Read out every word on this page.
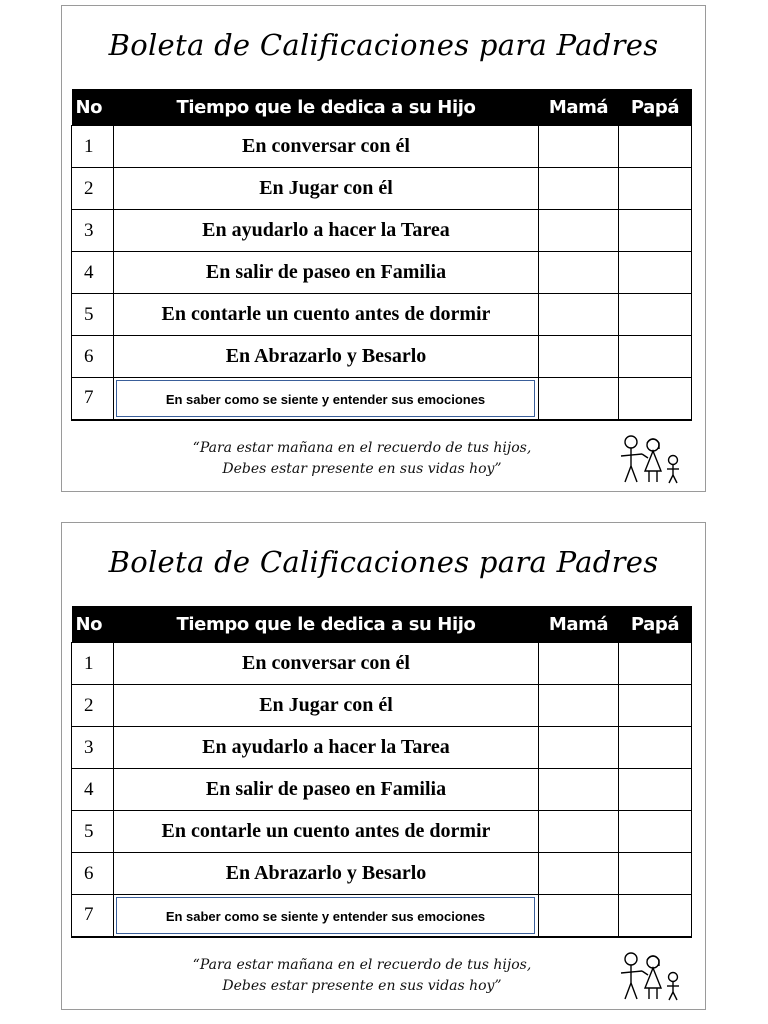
Boleta de Calificaciones para Padres
No	Tiempo que le dedica a su Hijo	Mamá	Papá
1	En conversar con él		
2	En Jugar con él		
3	En ayudarlo a hacer la Tarea		
4	En salir de paseo en Familia		
5	En contarle un cuento antes de dormir		
6	En Abrazarlo y Besarlo		
7	En saber como se siente y entender sus emociones		

“Para estar mañana en el recuerdo de tus hijos,
Debes estar presente en sus vidas hoy”
Boleta de Calificaciones para Padres
No	Tiempo que le dedica a su Hijo	Mamá	Papá
1	En conversar con él		
2	En Jugar con él		
3	En ayudarlo a hacer la Tarea		
4	En salir de paseo en Familia		
5	En contarle un cuento antes de dormir		
6	En Abrazarlo y Besarlo		
7	En saber como se siente y entender sus emociones		

“Para estar mañana en el recuerdo de tus hijos,
Debes estar presente en sus vidas hoy”
